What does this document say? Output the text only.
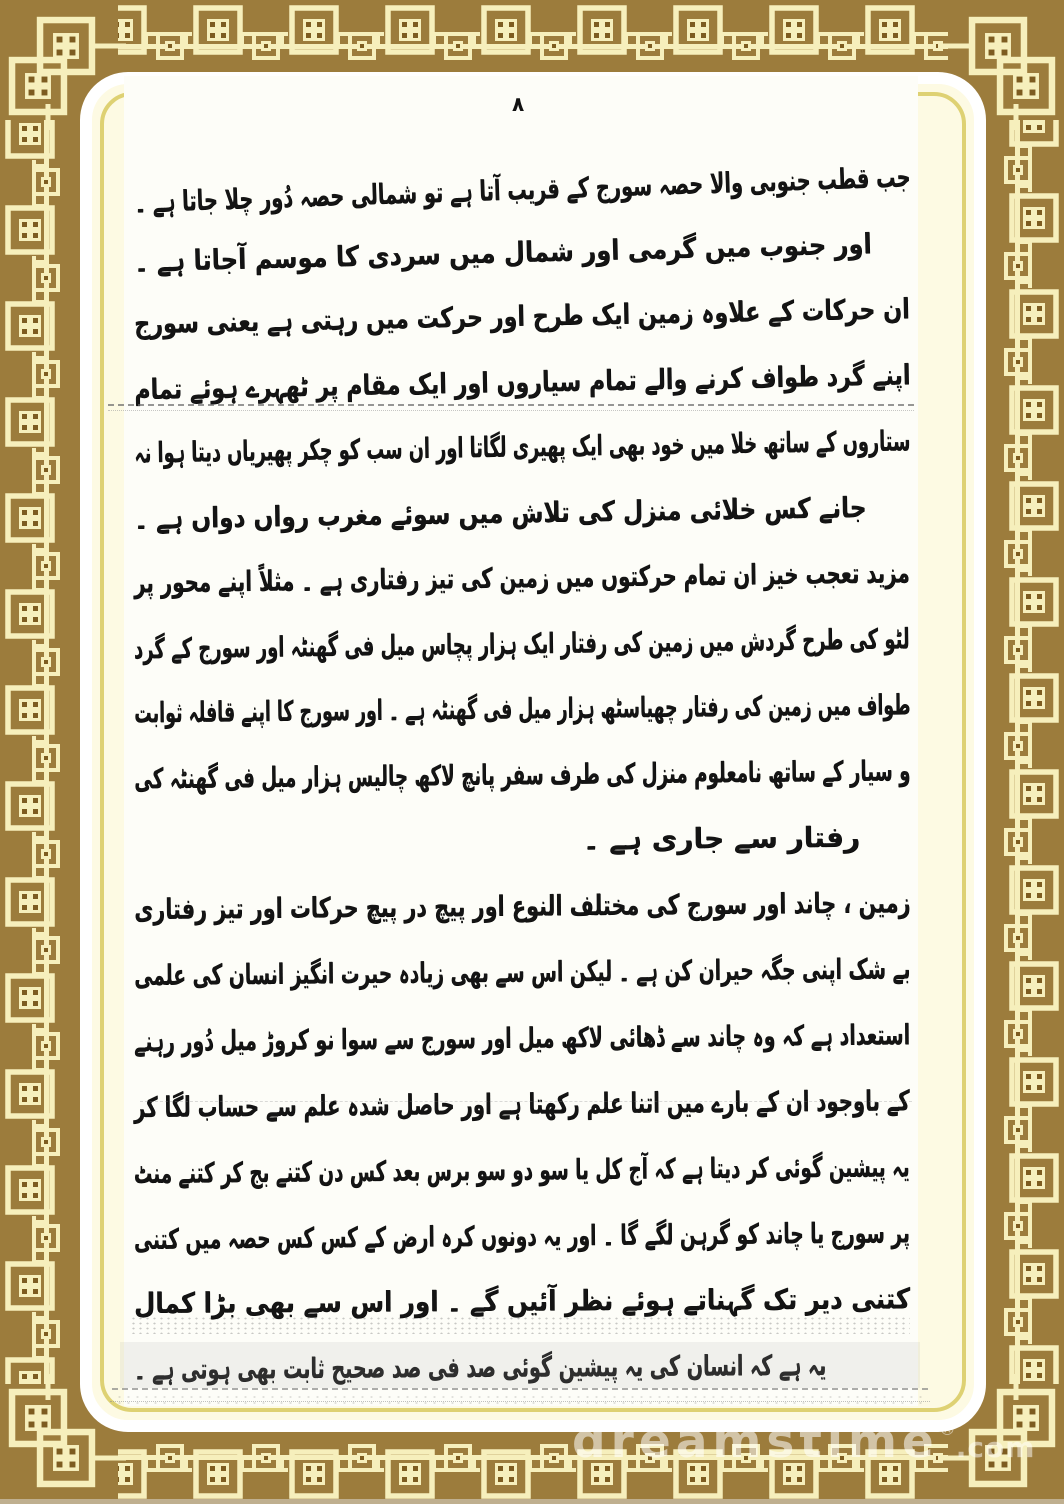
۸
جب قطب جنوبی والا حصہ سورج کے قریب آتا ہے تو شمالی حصہ دُور چلا جاتا ہے ۔
اور جنوب میں گرمی اور شمال میں سردی کا موسم آجاتا ہے ۔
ان حرکات کے علاوہ زمین ایک طرح اور حرکت میں رہتی ہے یعنی سورج
اپنے گرد طواف کرنے والے تمام سیاروں اور ایک مقام پر ٹھہرے ہوئے تمام
ستاروں کے ساتھ خلا میں خود بھی ایک پھیری لگاتا اور ان سب کو چکر پھیریاں دیتا ہوا نہ
جانے کس خلائی منزل کی تلاش میں سوئے مغرب رواں دواں ہے ۔
مزید تعجب خیز ان تمام حرکتوں میں زمین کی تیز رفتاری ہے ۔ مثلاً اپنے محور پر
لٹو کی طرح گردش میں زمین کی رفتار ایک ہزار پچاس میل فی گھنٹہ اور سورج کے گرد
طواف میں زمین کی رفتار چھیاسٹھ ہزار میل فی گھنٹہ ہے ۔ اور سورج کا اپنے قافلہ ثوابت
و سیار کے ساتھ نامعلوم منزل کی طرف سفر پانچ لاکھ چالیس ہزار میل فی گھنٹہ کی
رفتار سے جاری ہے ۔
زمین ، چاند اور سورج کی مختلف النوع اور پیچ در پیچ حرکات اور تیز رفتاری
بے شک اپنی جگہ حیران کن ہے ۔ لیکن اس سے بھی زیادہ حیرت انگیز انسان کی علمی
استعداد ہے کہ وہ چاند سے ڈھائی لاکھ میل اور سورج سے سوا نو کروڑ میل دُور رہنے
کے باوجود ان کے بارے میں اتنا علم رکھتا ہے اور حاصل شدہ علم سے حساب لگا کر
یہ پیشین گوئی کر دیتا ہے کہ آج کل یا سو دو سو برس بعد کس دن کتنے بج کر کتنے منٹ
پر سورج یا چاند کو گرہن لگے گا ۔ اور یہ دونوں کرہ ارض کے کس کس حصہ میں کتنی
کتنی دیر تک گہناتے ہوئے نظر آئیں گے ۔ اور اس سے بھی بڑا کمال
یہ ہے کہ انسان کی یہ پیشین گوئی صد فی صد صحیح ثابت بھی ہوتی ہے ۔
dreamstime®.com
